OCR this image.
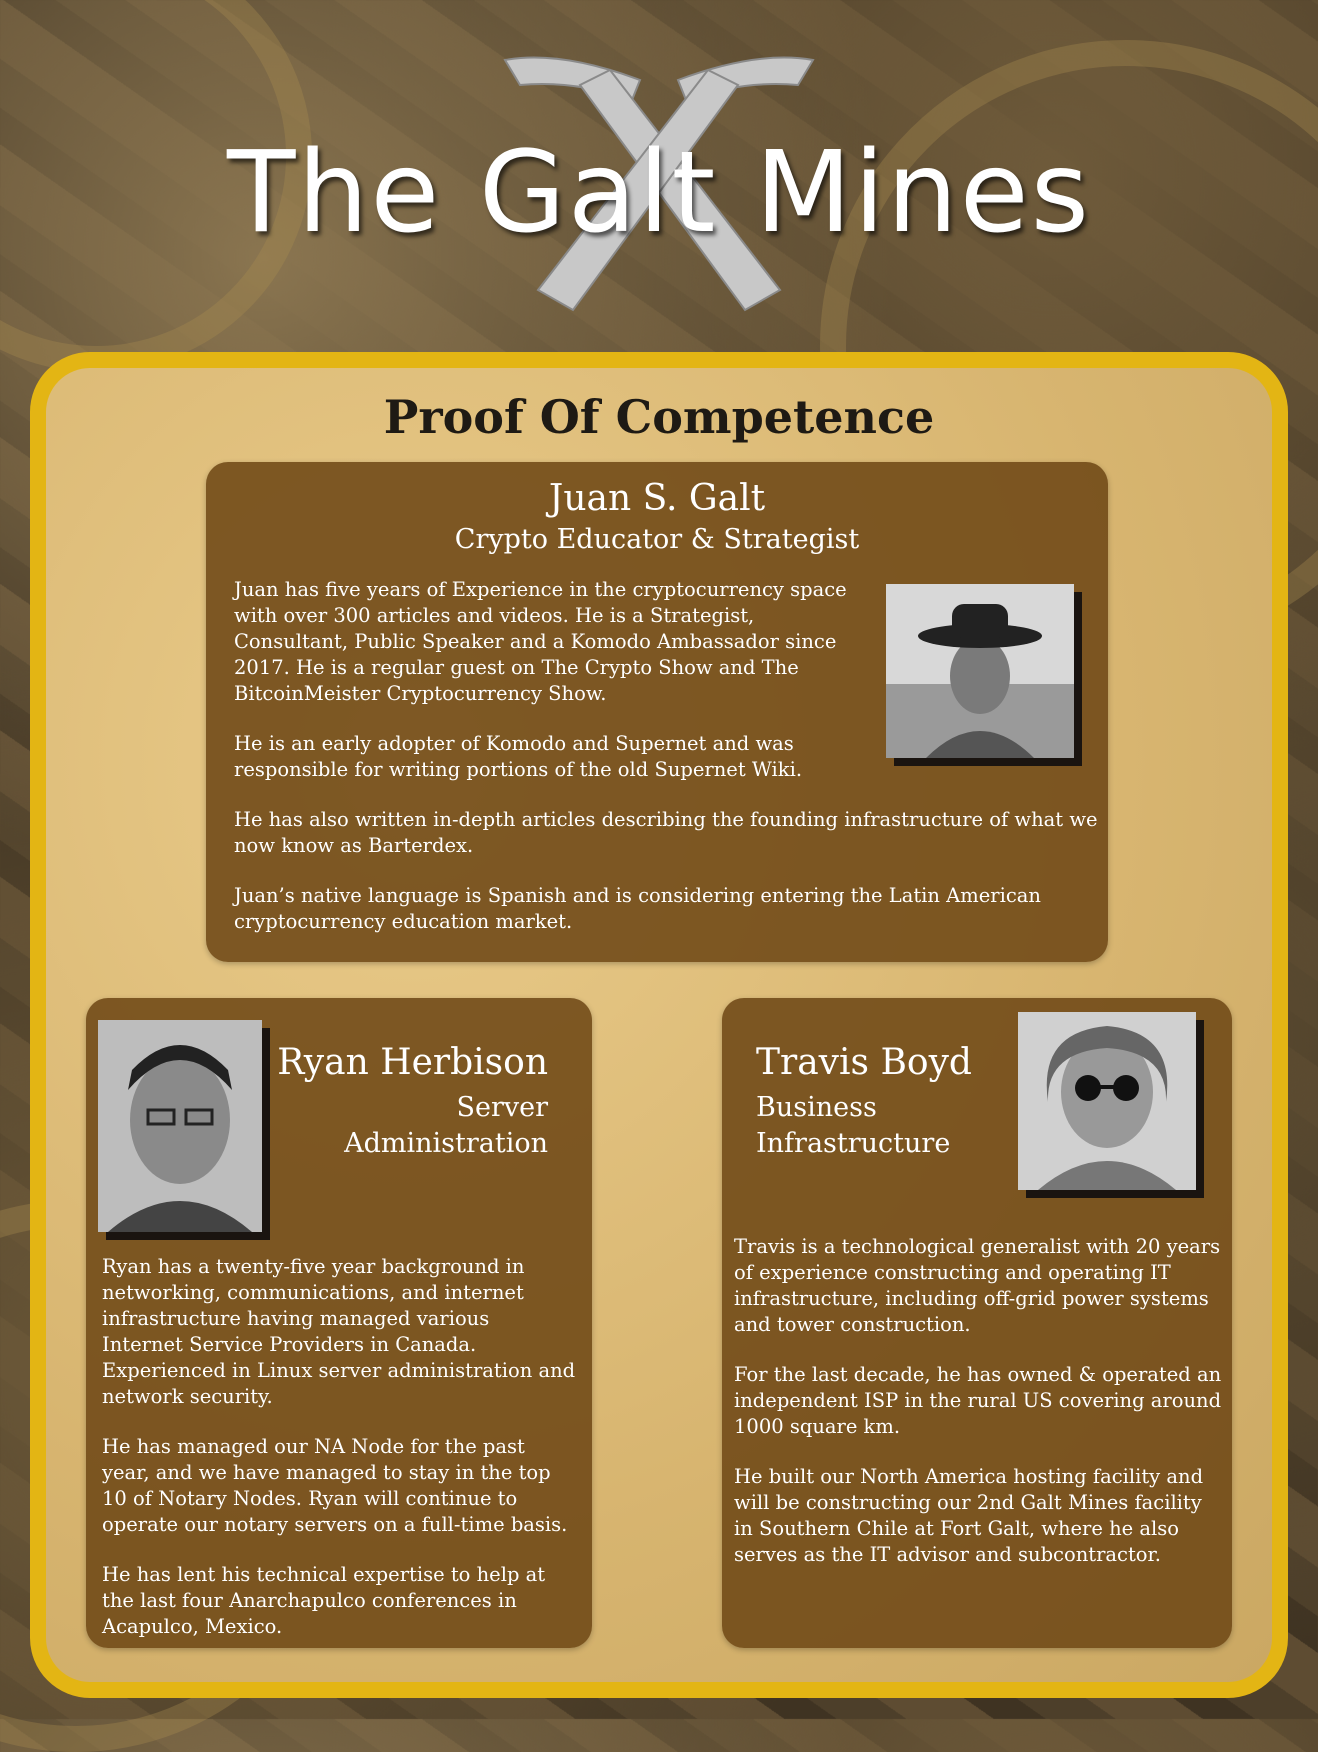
The Galt Mines
Proof Of Competence
Juan S. Galt
Crypto Educator & Strategist

Juan has five years of Experience in the cryptocurrency space with over 300 articles and videos. He is a Strategist, Consultant, Public Speaker and a Komodo Ambassador since 2017. He is a regular guest on The Crypto Show and The BitcoinMeister Cryptocurrency Show.

He is an early adopter of Komodo and Supernet and was responsible for writing portions of the old Supernet Wiki.

He has also written in-depth articles describing the founding infrastructure of what we now know as Barterdex.

Juan’s native language is Spanish and is considering entering the Latin American cryptocurrency education market.

Ryan Herbison
Server
Administration

Ryan has a twenty-five year background in networking, communications, and internet infrastructure having managed various Internet Service Providers in Canada. Experienced in Linux server administration and network security.

He has managed our NA Node for the past year, and we have managed to stay in the top 10 of Notary Nodes. Ryan will continue to operate our notary servers on a full-time basis.

He has lent his technical expertise to help at the last four Anarchapulco conferences in Acapulco, Mexico.

Travis Boyd
Business
Infrastructure

Travis is a technological generalist with 20 years of experience constructing and operating IT infrastructure, including off-grid power systems and tower construction.

For the last decade, he has owned & operated an independent ISP in the rural US covering around 1000 square km.

He built our North America hosting facility and will be constructing our 2nd Galt Mines facility in Southern Chile at Fort Galt, where he also serves as the IT advisor and subcontractor.
